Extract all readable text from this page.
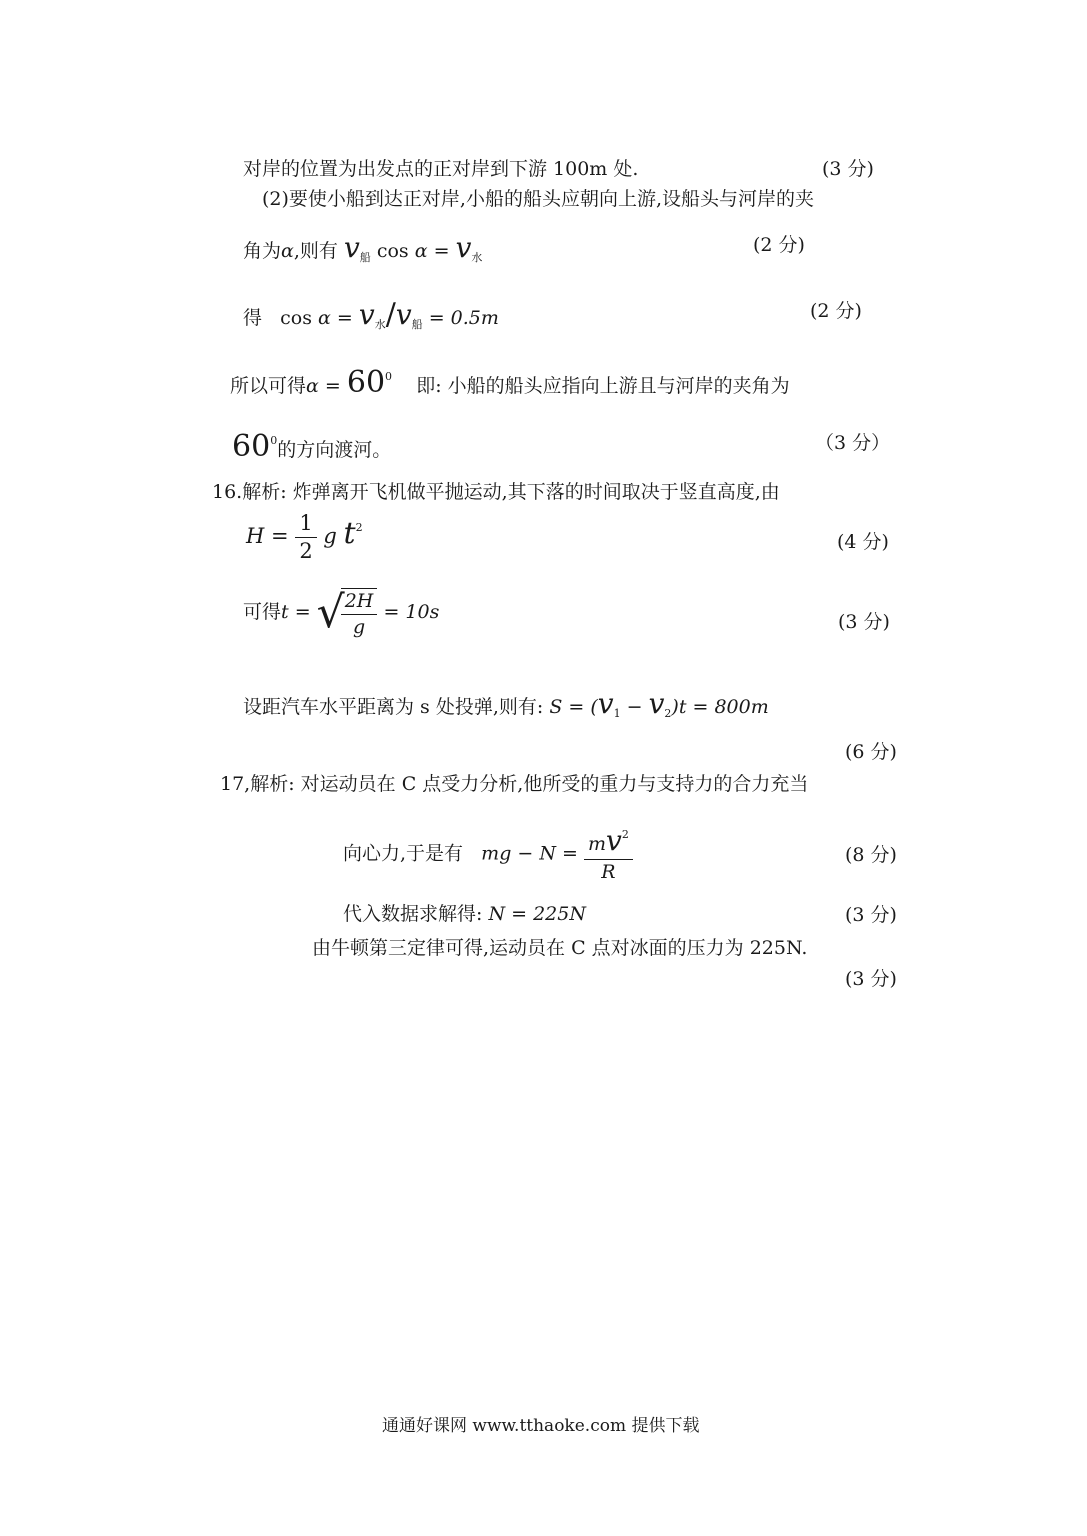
对岸的位置为出发点的正对岸到下游 100m 处.	(3 分)
(2)要使小船到达正对岸,小船的船头应朝向上游,设船头与河岸的夹
角为α,则有 $v_船$ $\cos \alpha = v_水$
(2 分)
得 $\cos \alpha = v_水/v_船 = 0.5m$	(2 分)
所以可得$\alpha = 60^0$ 即: 小船的船头应指向上游且与河岸的夹角为
$60^0$的方向渡河。	（3 分）
16.解析: 炸弹离开飞机做平抛运动,其下落的时间取决于竖直高度,由
$H = \frac{1}{2}$ g $t^2$
(4 分)
可得t = √
$\frac{2H}{g} = 10s$	(3 分)
设距汽车水平距离为 s 处投弹,则有: $S = (v_1 - v_2)t = 800m$
(6 分)
17,解析: 对运动员在 C 点受力分析,他所受的重力与支持力的合力充当
向心力,于是有 mg − $N = \frac{mv^2}{R}$	(8 分)
代入数据求解得: N = 225N	(3 分)
由牛顿第三定律可得,运动员在 C 点对冰面的压力为 225N.
(3 分)
通通好课网 www.tthaoke.com 提供下载
